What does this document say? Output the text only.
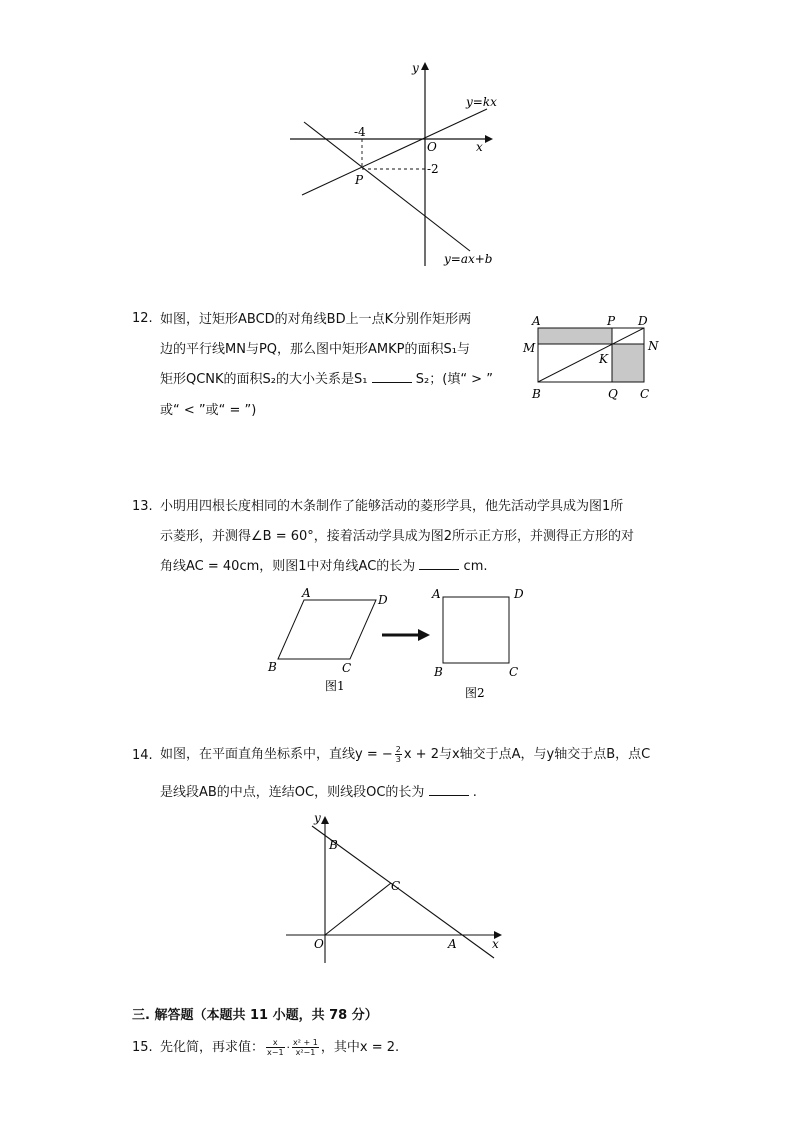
y
x
O
y=kx
y=ax+b
-4
-2
P
12. 如图，过矩形ABCD的对角线BD上一点K分别作矩形两
边的平行线MN与PQ，那么图中矩形AMKP的面积S₁与
矩形QCNK的面积S₂的大小关系是S₁	S₂；(填“ > ”
或“ < ”或“ = ”)
A	P D
M	N
K
B	Q C
13. 小明用四根长度相同的木条制作了能够活动的菱形学具，他先活动学具成为图1所
示菱形，并测得∠B = 60°，接着活动学具成为图2所示正方形，并测得正方形的对
角线AC = 40cm，则图1中对角线AC的长为	cm.
A	D
B	C
图1
A	D
B	C
图2
14. 如图，在平面直角坐标系中，直线y = − $\frac{2}{3}$ x + 2与x轴交于点A，与y轴交于点B，点C
是线段AB的中点，连结OC，则线段OC的长为	.
y
x
B
C
O	A
三. 解答题（本题共 11 小题，共 78 分）
15. 先化简，再求值： $\frac{x}{x-1} \cdot \frac{\text{x² + 1}}{\text{x²−1}}$ ，其中x = 2.
